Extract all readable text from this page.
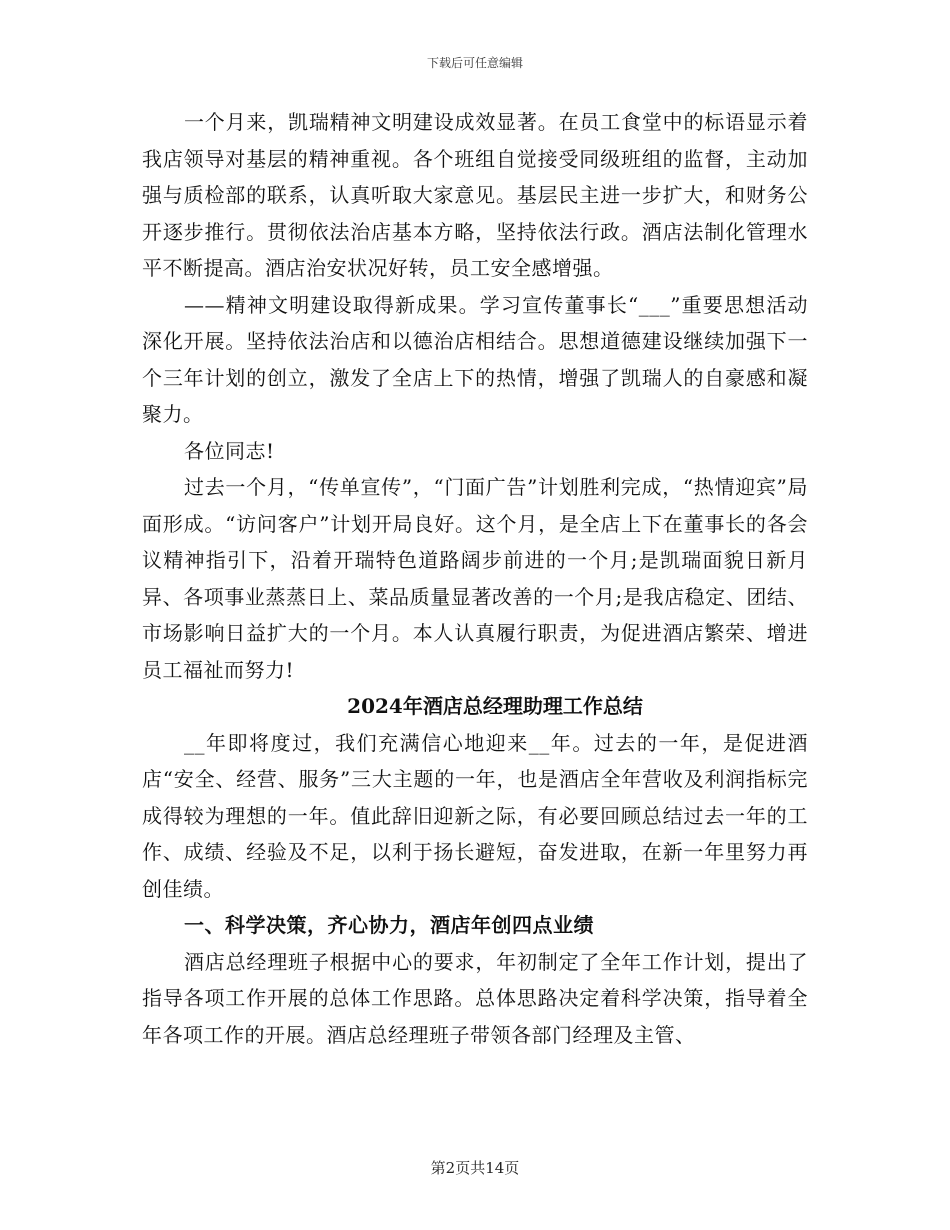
下载后可任意编辑

一个月来，凯瑞精神文明建设成效显著。在员工食堂中的标语显示着我店领导对基层的精神重视。各个班组自觉接受同级班组的监督，主动加强与质检部的联系，认真听取大家意见。基层民主进一步扩大，和财务公开逐步推行。贯彻依法治店基本方略，坚持依法行政。酒店法制化管理水平不断提高。酒店治安状况好转，员工安全感增强。

——精神文明建设取得新成果。学习宣传董事长“___”重要思想活动深化开展。坚持依法治店和以德治店相结合。思想道德建设继续加强下一个三年计划的创立，激发了全店上下的热情，增强了凯瑞人的自豪感和凝聚力。

各位同志!

过去一个月，“传单宣传”，“门面广告”计划胜利完成，“热情迎宾”局面形成。“访问客户”计划开局良好。这个月，是全店上下在董事长的各会议精神指引下，沿着开瑞特色道路阔步前进的一个月;是凯瑞面貌日新月异、各项事业蒸蒸日上、菜品质量显著改善的一个月;是我店稳定、团结、市场影响日益扩大的一个月。本人认真履行职责，为促进酒店繁荣、增进员工福祉而努力!

2024年酒店总经理助理工作总结

__年即将度过，我们充满信心地迎来__年。过去的一年，是促进酒店“安全、经营、服务”三大主题的一年，也是酒店全年营收及利润指标完成得较为理想的一年。值此辞旧迎新之际，有必要回顾总结过去一年的工作、成绩、经验及不足，以利于扬长避短，奋发进取，在新一年里努力再创佳绩。

一、科学决策，齐心协力，酒店年创四点业绩

酒店总经理班子根据中心的要求，年初制定了全年工作计划，提出了指导各项工作开展的总体工作思路。总体思路决定着科学决策，指导着全年各项工作的开展。酒店总经理班子带领各部门经理及主管、

第2页共14页
